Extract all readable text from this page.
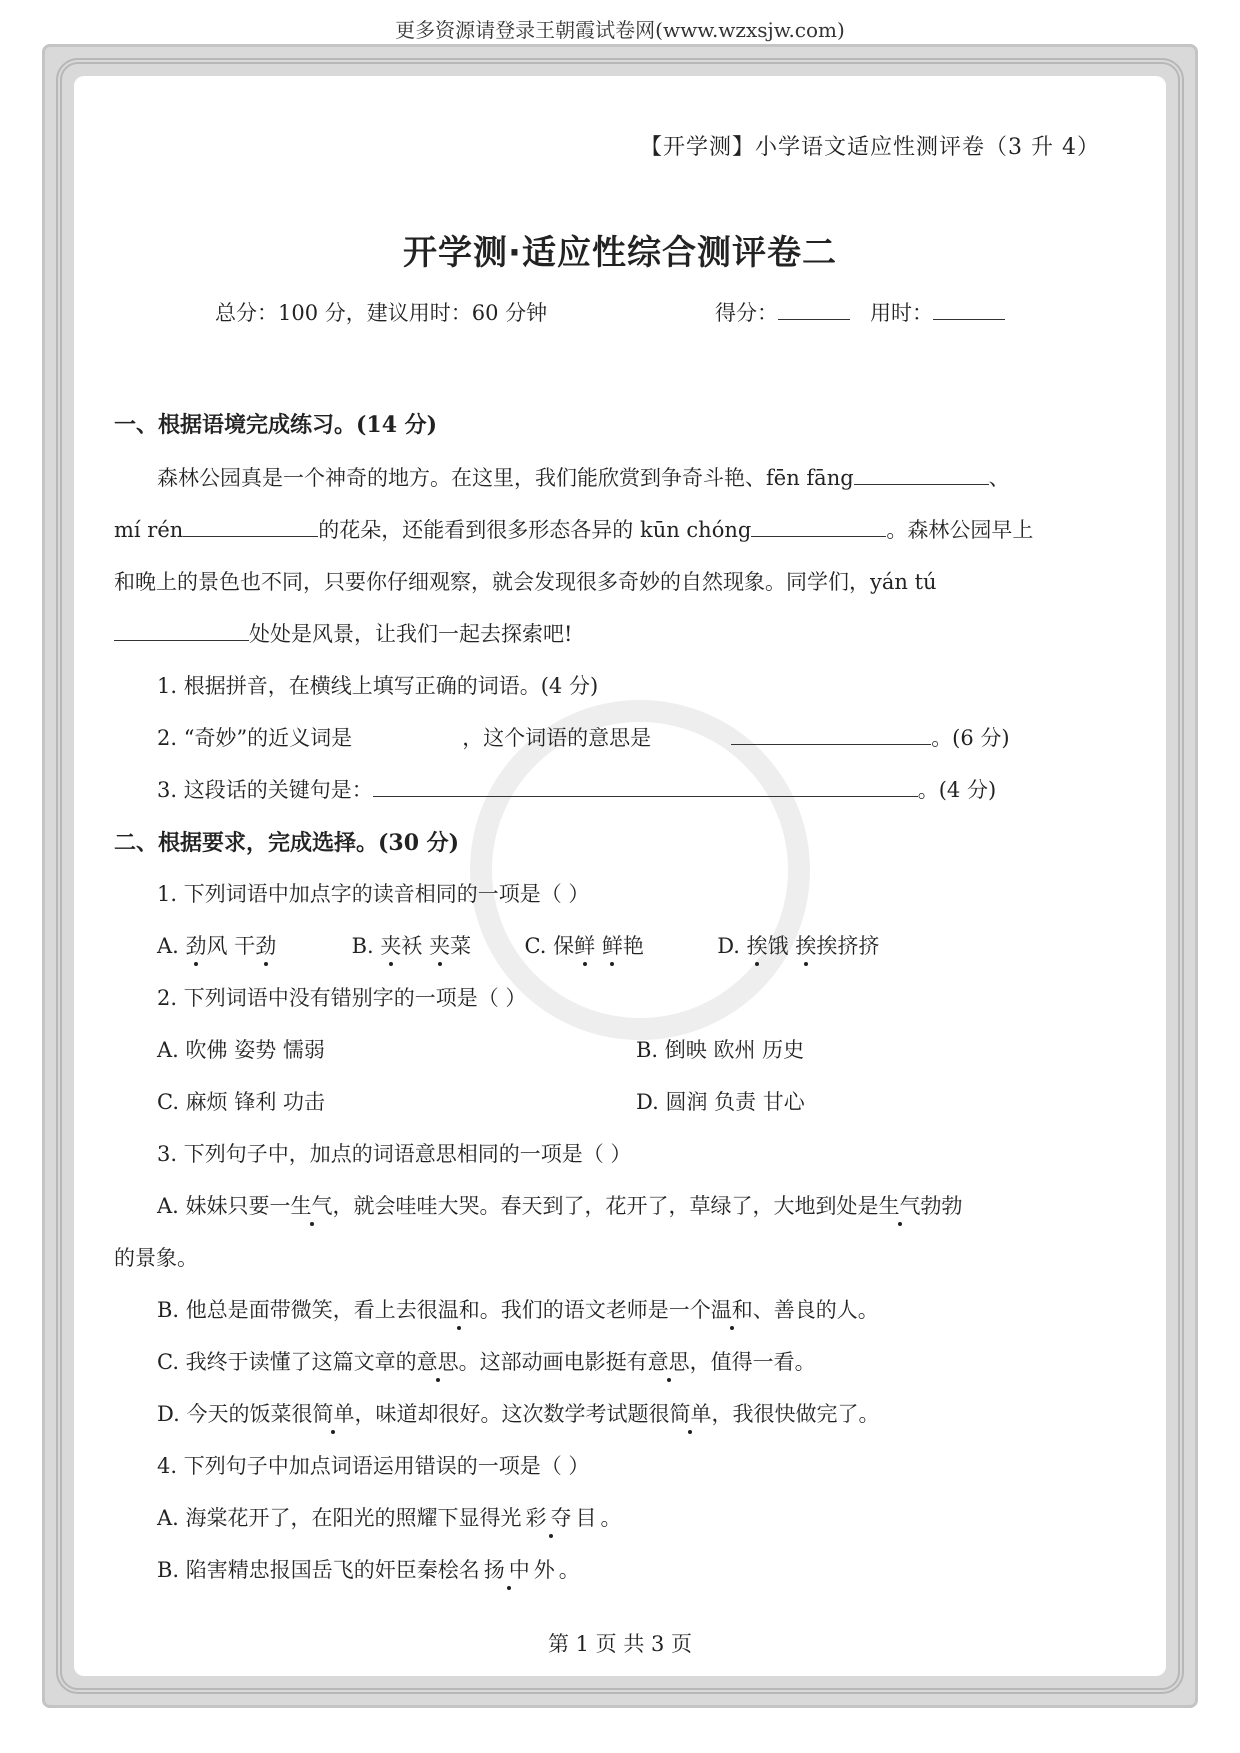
更多资源请登录王朝霞试卷网(www.wzxsjw.com)
【开学测】小学语文适应性测评卷（3 升 4）
开学测·适应性综合测评卷二
总分：100 分，建议用时：60 分钟	得分：	用时：
一、根据语境完成练习。(14 分)
森林公园真是一个神奇的地方。在这里，我们能欣赏到争奇斗艳、fēn fāng	、
mí rén	的花朵，还能看到很多形态各异的 kūn chóng	。森林公园早上
和晚上的景色也不同，只要你仔细观察，就会发现很多奇妙的自然现象。同学们，yán tú
处处是风景，让我们一起去探索吧!
1. 根据拼音，在横线上填写正确的词语。(4 分)
2. “奇妙”的近义词是	，这个词语的意思是	。(6 分)
3. 这段话的关键句是：	。(4 分)
二、根据要求，完成选择。(30 分)
1. 下列词语中加点字的读音相同的一项是（ ）
A. 劲风 干劲	B. 夹袄 夹菜	C. 保鲜 鲜艳	D. 挨饿 挨挨挤挤
2. 下列词语中没有错别字的一项是（ ）
A. 吹佛 姿势 懦弱	B. 倒映 欧州 历史
C. 麻烦 锋利 功击	D. 圆润 负责 甘心
3. 下列句子中，加点的词语意思相同的一项是（ ）
A. 妹妹只要一生气，就会哇哇大哭。春天到了，花开了，草绿了，大地到处是生气勃勃
的景象。
B. 他总是面带微笑，看上去很温和。我们的语文老师是一个温和、善良的人。
C. 我终于读懂了这篇文章的意思。这部动画电影挺有意思，值得一看。
D. 今天的饭菜很简单，味道却很好。这次数学考试题很简单，我很快做完了。
4. 下列句子中加点词语运用错误的一项是（ ）
A. 海棠花开了，在阳光的照耀下显得光彩夺目。
B. 陷害精忠报国岳飞的奸臣秦桧名扬中外。
第 1 页 共 3 页
